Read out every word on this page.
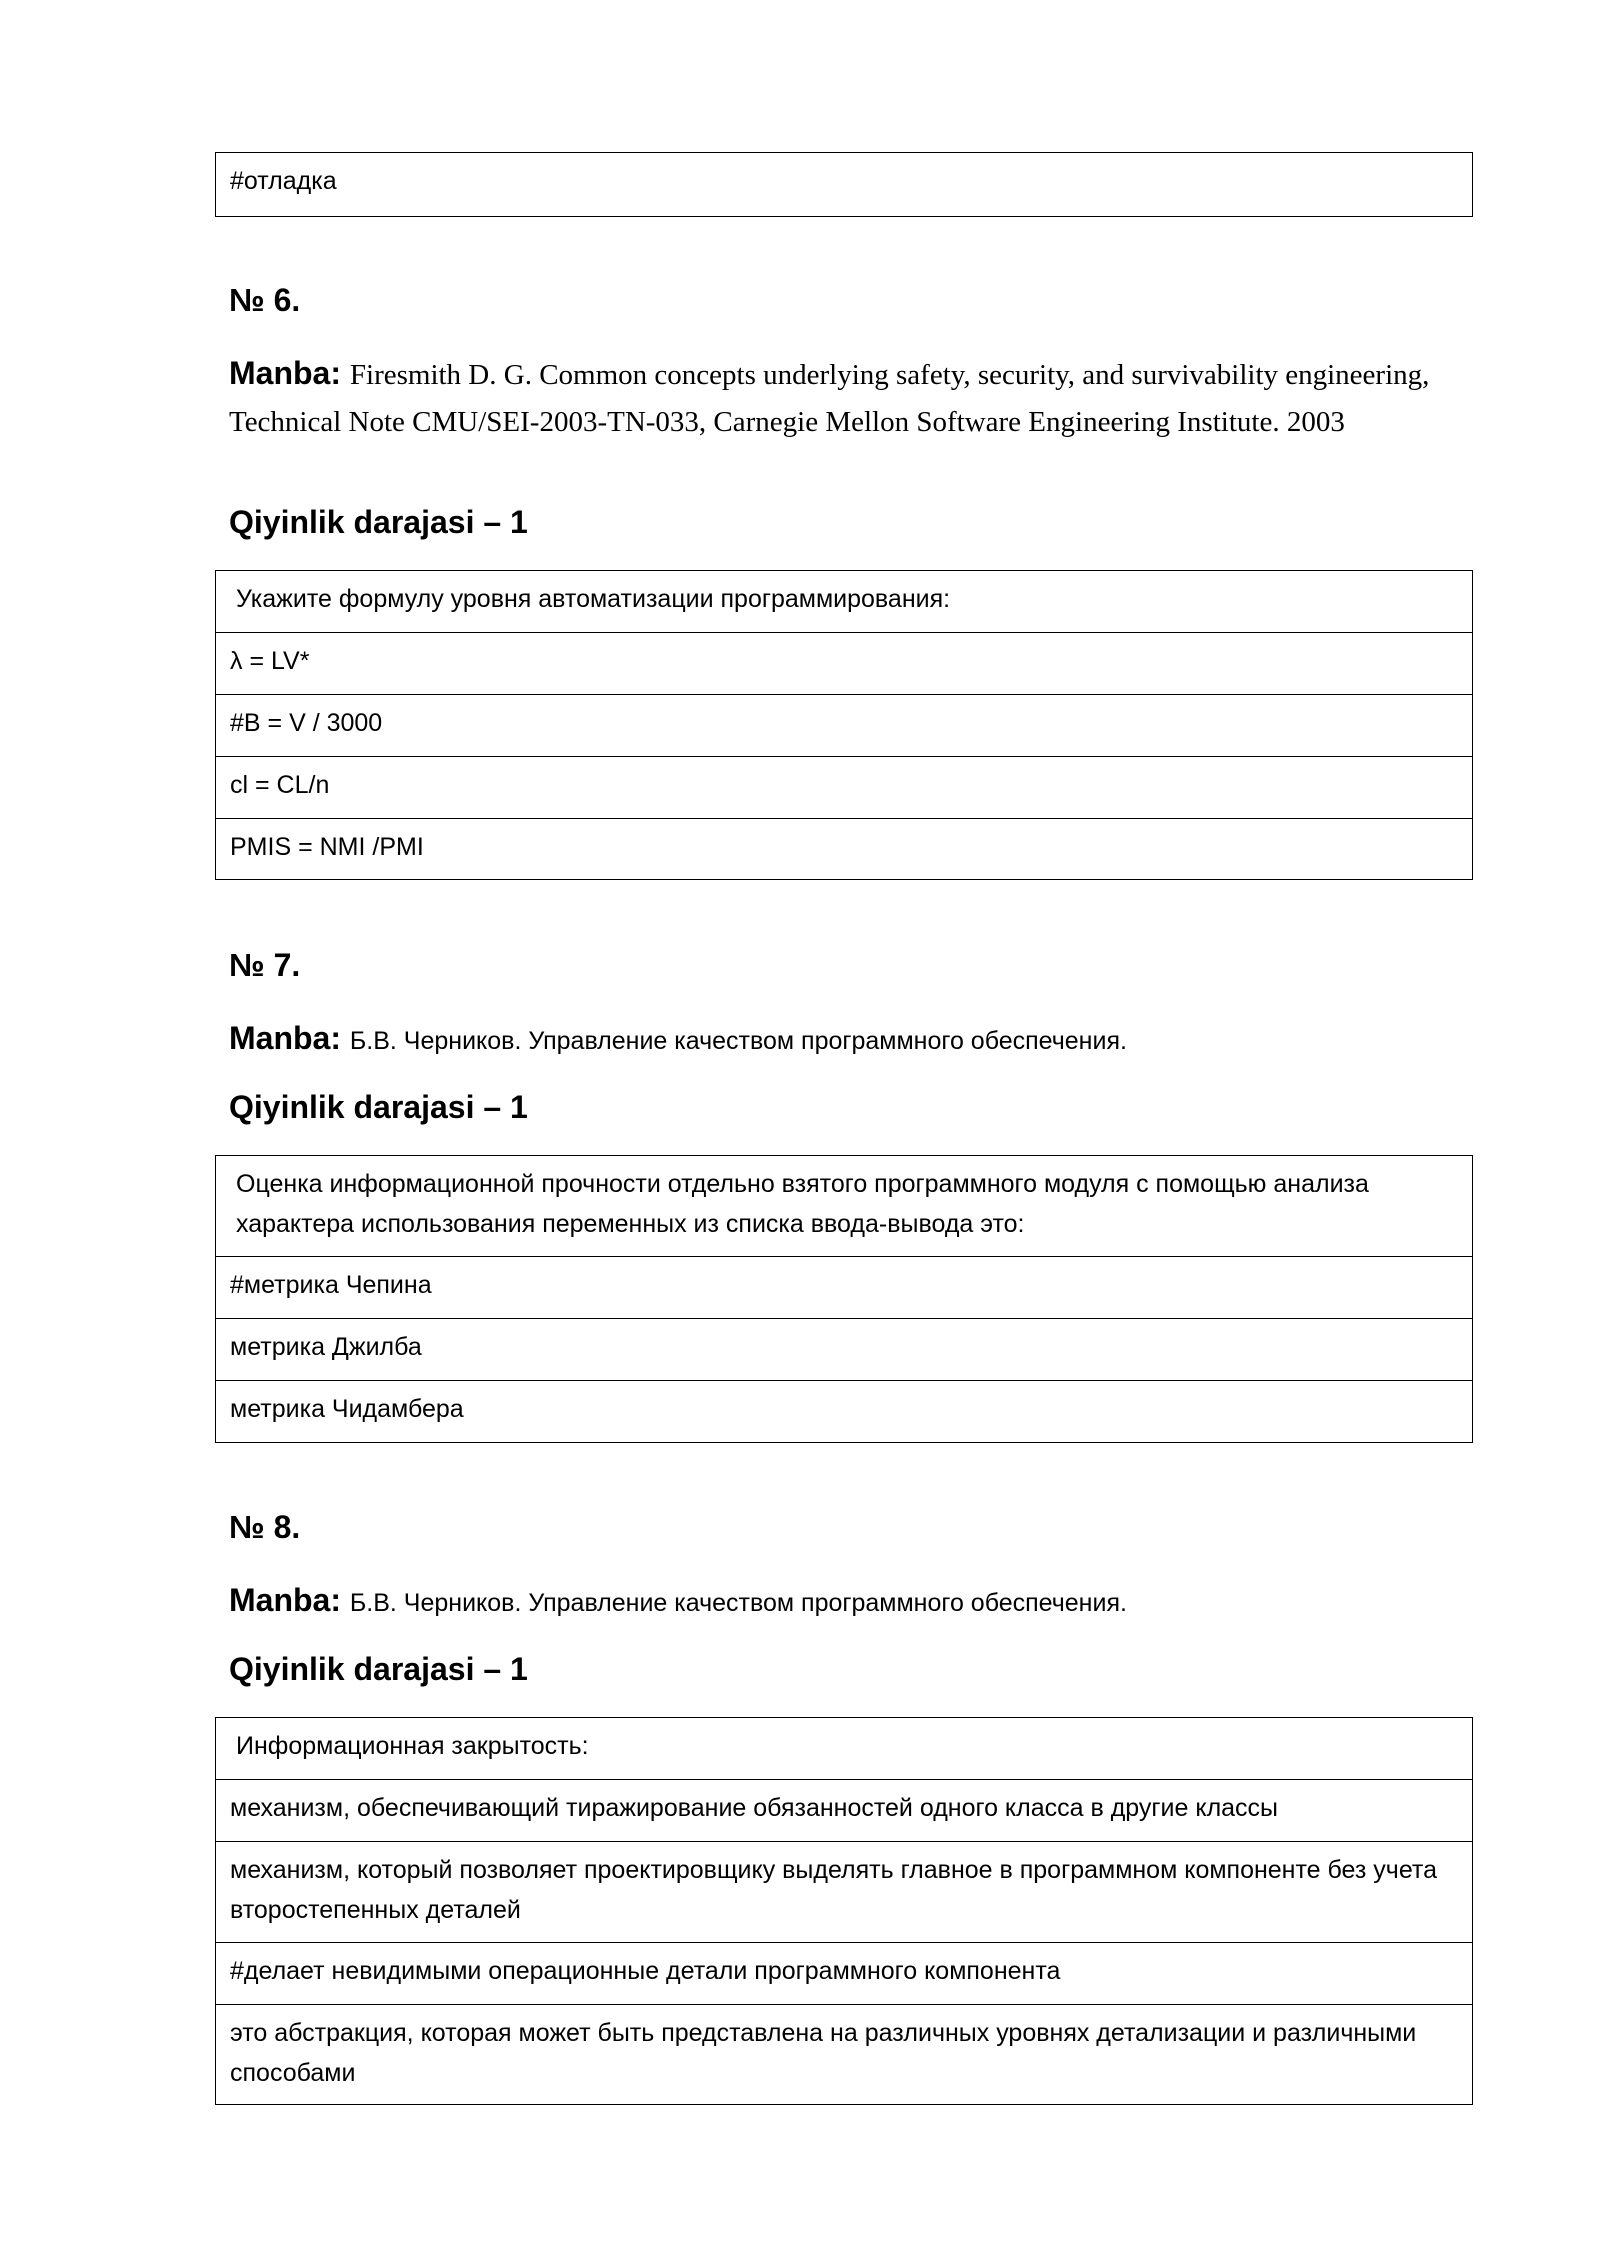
#отладка
№ 6.
Manba: Firesmith D. G. Common concepts underlying safety, security, and survivability engineering, Technical Note CMU/SEI-2003-TN-033, Carnegie Mellon Software Engineering Institute. 2003
Qiyinlik darajasi – 1
Укажите формулу уровня автоматизации программирования:
λ = LV*
#B = V / 3000
cl = CL/n
PMIS = NMI /PMI
№ 7.
Manba: Б.В. Черников. Управление качеством программного обеспечения.
Qiyinlik darajasi – 1
Оценка информационной прочности отдельно взятого программного модуля с помощью анализа характера использования переменных из списка ввода-вывода это:
#метрика Чепина
метрика Джилба
метрика Чидамбера
№ 8.
Manba: Б.В. Черников. Управление качеством программного обеспечения.
Qiyinlik darajasi – 1
Информационная закрытость:
механизм, обеспечивающий тиражирование обязанностей одного класса в другие классы
механизм, который позволяет проектировщику выделять главное в программном компоненте без учета второстепенных деталей
#делает невидимыми операционные детали программного компонента
это абстракция, которая может быть представлена на различных уровнях детализации и различными способами
